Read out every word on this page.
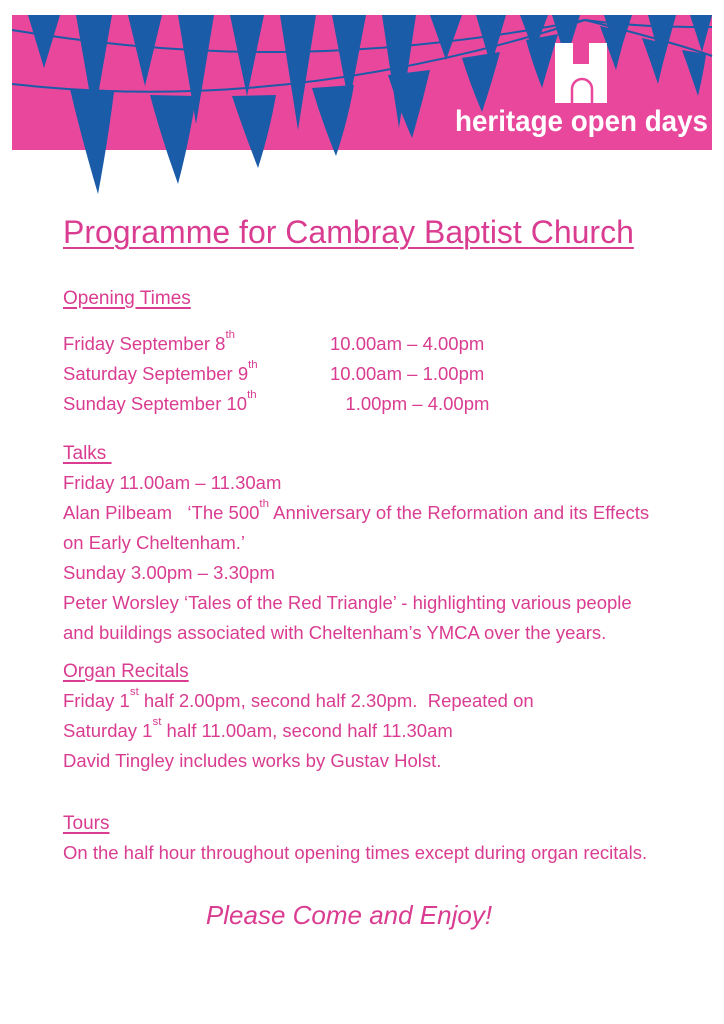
heritage open days
Programme for Cambray Baptist Church
Opening Times
Friday September 8th	10.00am – 4.00pm
Saturday September 9th	10.00am – 1.00pm
Sunday September 10th	1.00pm – 4.00pm
Talks

Friday 11.00am – 11.30am

Alan Pilbeam   ‘The 500th Anniversary of the Reformation and its Effects
on Early Cheltenham.’

Sunday 3.00pm – 3.30pm

Peter Worsley ‘Tales of the Red Triangle’ - highlighting various people
and buildings associated with Cheltenham’s YMCA over the years.

Organ Recitals

Friday 1st half 2.00pm, second half 2.30pm.  Repeated on
Saturday 1st half 11.00am, second half 11.30am
David Tingley includes works by Gustav Holst.

Tours

On the half hour throughout opening times except during organ recitals.

Please Come and Enjoy!
